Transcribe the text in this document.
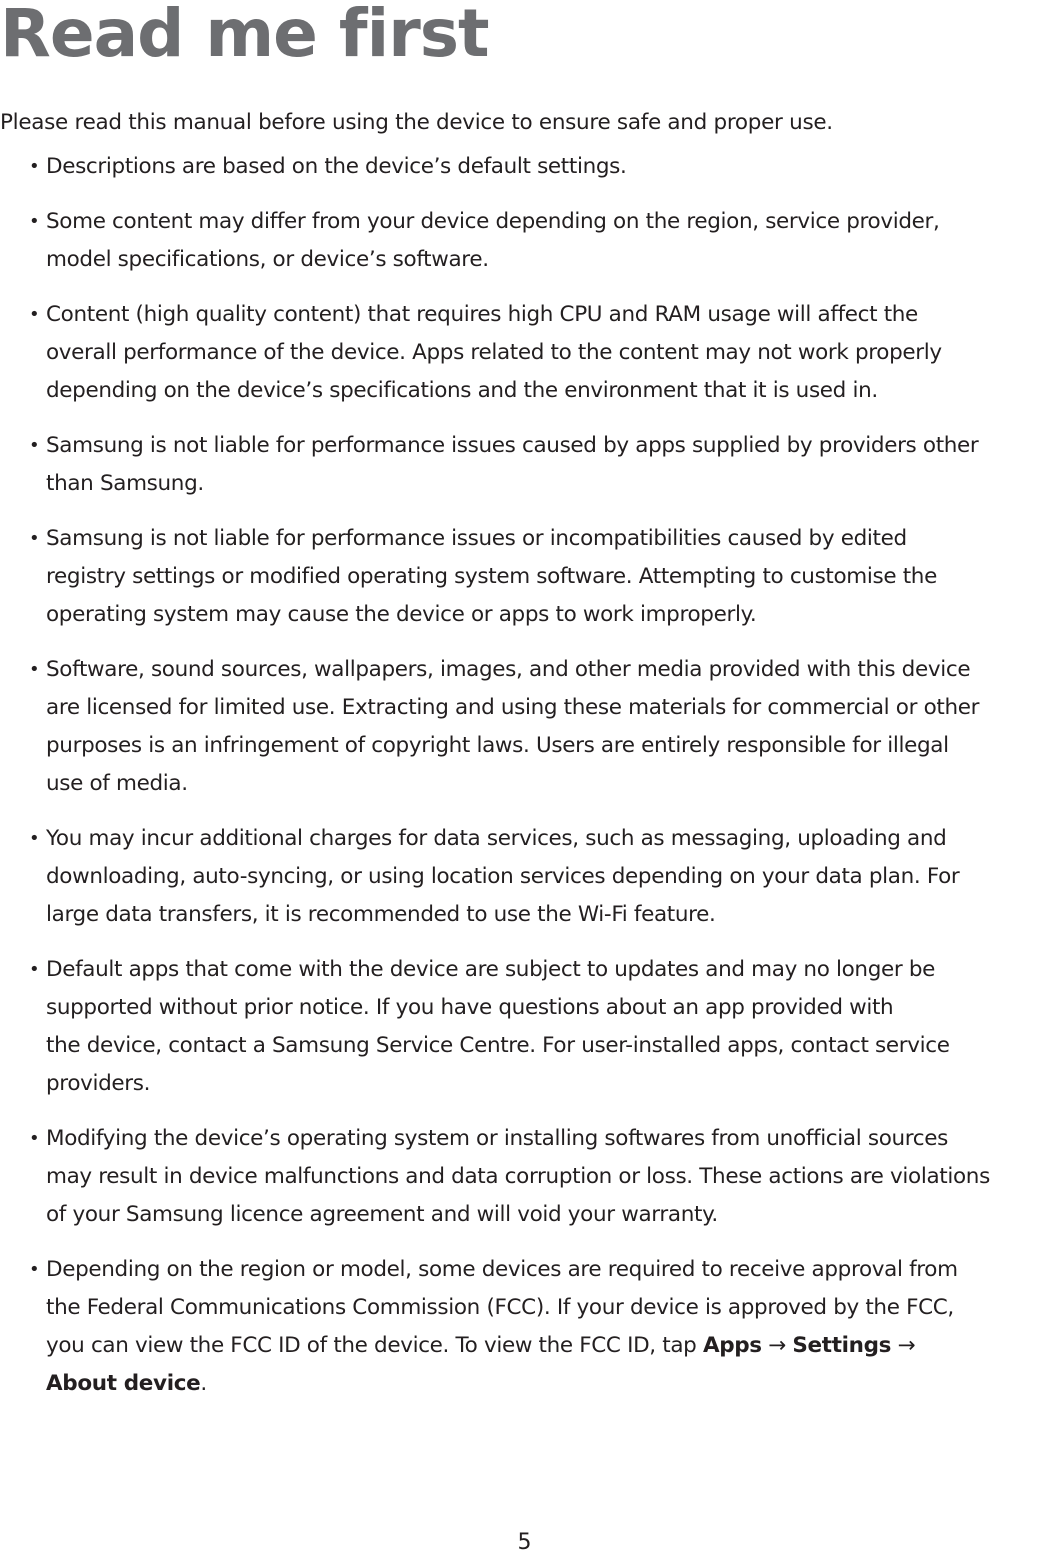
Read me first

Please read this manual before using the device to ensure safe and proper use.

• Descriptions are based on the device’s default settings.
• Some content may differ from your device depending on the region, service provider,
model specifications, or device’s software.
• Content (high quality content) that requires high CPU and RAM usage will affect the
overall performance of the device. Apps related to the content may not work properly
depending on the device’s specifications and the environment that it is used in.
• Samsung is not liable for performance issues caused by apps supplied by providers other
than Samsung.
• Samsung is not liable for performance issues or incompatibilities caused by edited
registry settings or modified operating system software. Attempting to customise the
operating system may cause the device or apps to work improperly.
• Software, sound sources, wallpapers, images, and other media provided with this device
are licensed for limited use. Extracting and using these materials for commercial or other
purposes is an infringement of copyright laws. Users are entirely responsible for illegal
use of media.
• You may incur additional charges for data services, such as messaging, uploading and
downloading, auto-syncing, or using location services depending on your data plan. For
large data transfers, it is recommended to use the Wi-Fi feature.
• Default apps that come with the device are subject to updates and may no longer be
supported without prior notice. If you have questions about an app provided with
the device, contact a Samsung Service Centre. For user-installed apps, contact service
providers.
• Modifying the device’s operating system or installing softwares from unofficial sources
may result in device malfunctions and data corruption or loss. These actions are violations
of your Samsung licence agreement and will void your warranty.
• Depending on the region or model, some devices are required to receive approval from
the Federal Communications Commission (FCC). If your device is approved by the FCC,
you can view the FCC ID of the device. To view the FCC ID, tap Apps → Settings →
About device.

5
